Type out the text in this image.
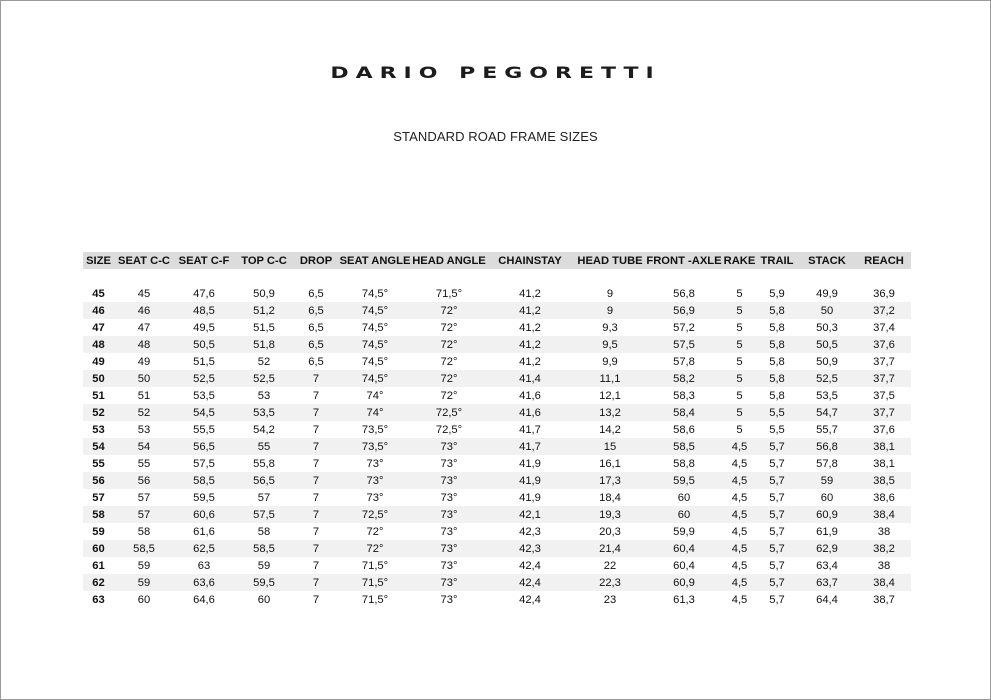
DARIO PEGORETTI
STANDARD ROAD FRAME SIZES
SIZE	SEAT C-C	SEAT C-F	TOP C-C	DROP	SEAT ANGLE	HEAD ANGLE	CHAINSTAY	HEAD TUBE	FRONT -AXLE	RAKE	TRAIL	STACK	REACH

45	45	47,6	50,9	6,5	74,5°	71,5°	41,2	9	56,8	5	5,9	49,9	36,9
46	46	48,5	51,2	6,5	74,5°	72°	41,2	9	56,9	5	5,8	50	37,2
47	47	49,5	51,5	6,5	74,5°	72°	41,2	9,3	57,2	5	5,8	50,3	37,4
48	48	50,5	51,8	6,5	74,5°	72°	41,2	9,5	57,5	5	5,8	50,5	37,6
49	49	51,5	52	6,5	74,5°	72°	41,2	9,9	57,8	5	5,8	50,9	37,7
50	50	52,5	52,5	7	74,5°	72°	41,4	11,1	58,2	5	5,8	52,5	37,7
51	51	53,5	53	7	74°	72°	41,6	12,1	58,3	5	5,8	53,5	37,5
52	52	54,5	53,5	7	74°	72,5°	41,6	13,2	58,4	5	5,5	54,7	37,7
53	53	55,5	54,2	7	73,5°	72,5°	41,7	14,2	58,6	5	5,5	55,7	37,6
54	54	56,5	55	7	73,5°	73°	41,7	15	58,5	4,5	5,7	56,8	38,1
55	55	57,5	55,8	7	73°	73°	41,9	16,1	58,8	4,5	5,7	57,8	38,1
56	56	58,5	56,5	7	73°	73°	41,9	17,3	59,5	4,5	5,7	59	38,5
57	57	59,5	57	7	73°	73°	41,9	18,4	60	4,5	5,7	60	38,6
58	57	60,6	57,5	7	72,5°	73°	42,1	19,3	60	4,5	5,7	60,9	38,4
59	58	61,6	58	7	72°	73°	42,3	20,3	59,9	4,5	5,7	61,9	38
60	58,5	62,5	58,5	7	72°	73°	42,3	21,4	60,4	4,5	5,7	62,9	38,2
61	59	63	59	7	71,5°	73°	42,4	22	60,4	4,5	5,7	63,4	38
62	59	63,6	59,5	7	71,5°	73°	42,4	22,3	60,9	4,5	5,7	63,7	38,4
63	60	64,6	60	7	71,5°	73°	42,4	23	61,3	4,5	5,7	64,4	38,7
